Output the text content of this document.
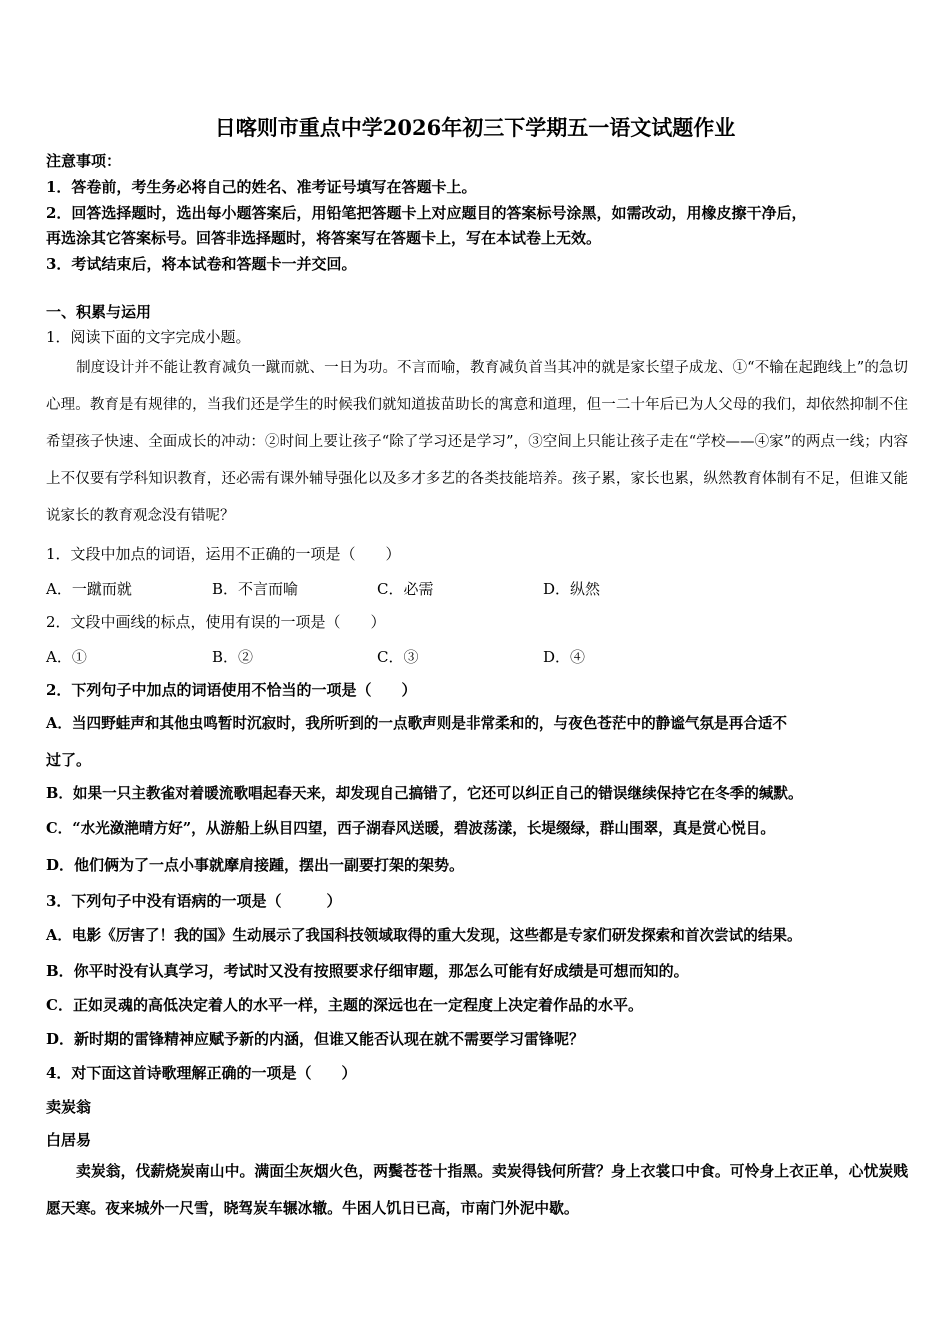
日喀则市重点中学2026年初三下学期五一语文试题作业
注意事项：
1．答卷前，考生务必将自己的姓名、准考证号填写在答题卡上。
2．回答选择题时，选出每小题答案后，用铅笔把答题卡上对应题目的答案标号涂黑，如需改动，用橡皮擦干净后，
再选涂其它答案标号。回答非选择题时，将答案写在答题卡上，写在本试卷上无效。
3．考试结束后，将本试卷和答题卡一并交回。
一、积累与运用
1．阅读下面的文字完成小题。
制度设计并不能让教育减负一蹴而就、一日为功。不言而喻，教育减负首当其冲的就是家长望子成龙、①“不输在起跑线上”的急切心理。教育是有规律的，当我们还是学生的时候我们就知道拔苗助长的寓意和道理，但一二十年后已为人父母的我们，却依然抑制不住希望孩子快速、全面成长的冲动：②时间上要让孩子“除了学习还是学习”，③空间上只能让孩子走在“学校——④家”的两点一线；内容上不仅要有学科知识教育，还必需有课外辅导强化以及多才多艺的各类技能培养。孩子累，家长也累，纵然教育体制有不足，但谁又能说家长的教育观念没有错呢？
1．文段中加点的词语，运用不正确的一项是（　　）
A．一蹴而就	B．不言而喻	C．必需	D．纵然
2．文段中画线的标点，使用有误的一项是（　　）
A．①	B．②	C．③	D．④
2．下列句子中加点的词语使用不恰当的一项是（　　）
A．当四野蛙声和其他虫鸣暂时沉寂时，我所听到的一点歌声则是非常柔和的，与夜色苍茫中的静谧气氛是再合适不
过了。
B．如果一只主教雀对着暖流歌唱起春天来，却发现自己搞错了，它还可以纠正自己的错误继续保持它在冬季的缄默。
C．“水光潋滟晴方好”，从游船上纵目四望，西子湖春风送暖，碧波荡漾，长堤缀绿，群山围翠，真是赏心悦目。
D．他们俩为了一点小事就摩肩接踵，摆出一副要打架的架势。
3．下列句子中没有语病的一项是（　　　）
A．电影《厉害了！我的国》生动展示了我国科技领域取得的重大发现，这些都是专家们研发探索和首次尝试的结果。
B．你平时没有认真学习，考试时又没有按照要求仔细审题，那怎么可能有好成绩是可想而知的。
C．正如灵魂的高低决定着人的水平一样，主题的深远也在一定程度上决定着作品的水平。
D．新时期的雷锋精神应赋予新的内涵，但谁又能否认现在就不需要学习雷锋呢？
4．对下面这首诗歌理解正确的一项是（　　）
卖炭翁
白居易
卖炭翁，伐薪烧炭南山中。满面尘灰烟火色，两鬓苍苍十指黑。卖炭得钱何所营？身上衣裳口中食。可怜身上衣正单，心忧炭贱愿天寒。夜来城外一尺雪，晓驾炭车辗冰辙。牛困人饥日已高，市南门外泥中歇。
